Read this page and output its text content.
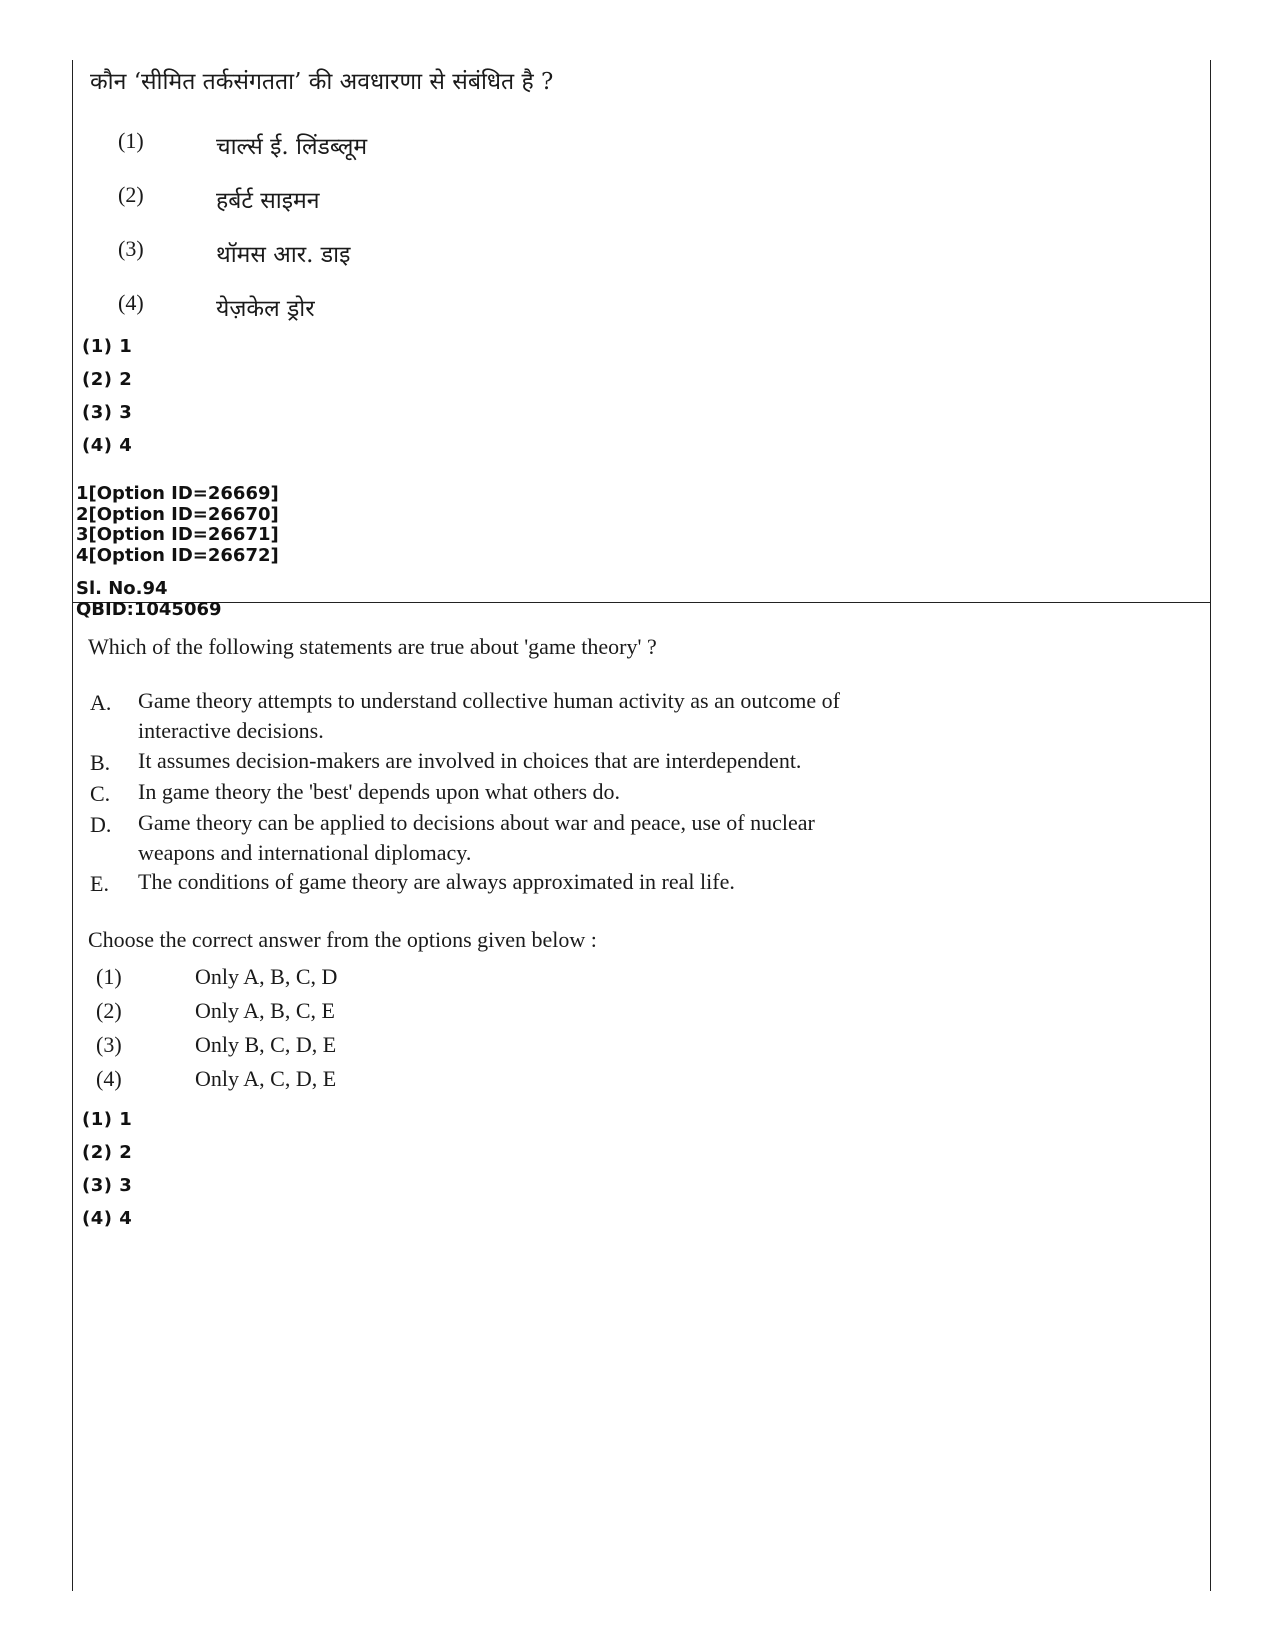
कौन ‘सीमित तर्कसंगतता’ की अवधारणा से संबंधित है ?
(1)	चार्ल्स ई. लिंडब्लूम
(2)	हर्बर्ट साइमन
(3)	थॉमस आर. डाइ
(4)	येज़केल ड्रोर
(1) 1
(2) 2
(3) 3
(4) 4
1[Option ID=26669]
2[Option ID=26670]
3[Option ID=26671]
4[Option ID=26672]
Sl. No.94
QBID:1045069
Which of the following statements are true about 'game theory' ?
A. Game theory attempts to understand collective human activity as an outcome of interactive decisions.
B. It assumes decision-makers are involved in choices that are interdependent.
C. In game theory the 'best' depends upon what others do.
D. Game theory can be applied to decisions about war and peace, use of nuclear weapons and international diplomacy.
E. The conditions of game theory are always approximated in real life.
Choose the correct answer from the options given below :
(1)	Only A, B, C, D
(2)	Only A, B, C, E
(3)	Only B, C, D, E
(4)	Only A, C, D, E
(1) 1
(2) 2
(3) 3
(4) 4
